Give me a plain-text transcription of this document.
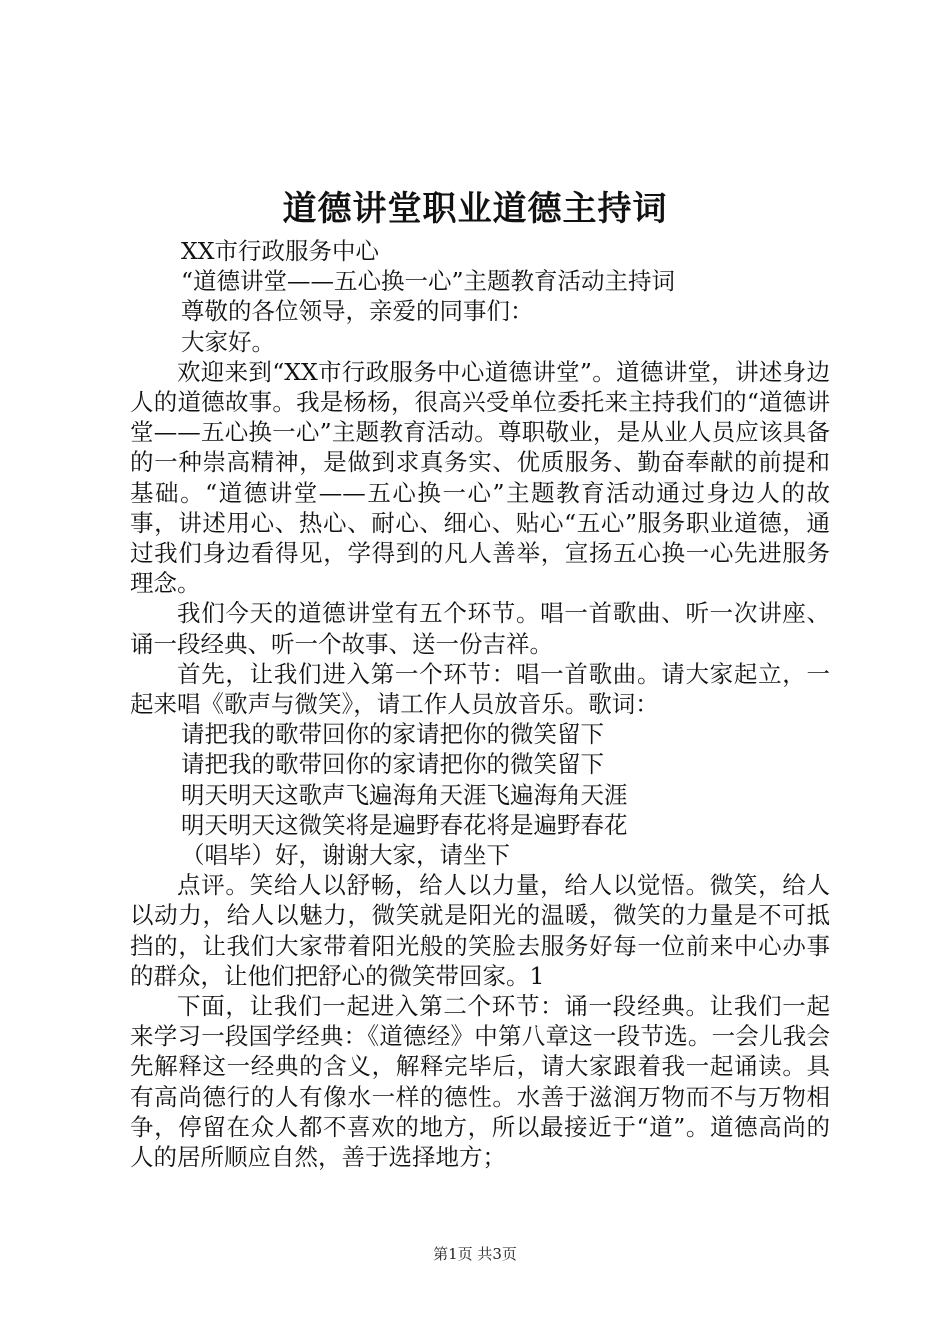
道德讲堂职业道德主持词

XX市行政服务中心

“道德讲堂——五心换一心”主题教育活动主持词

尊敬的各位领导，亲爱的同事们：

大家好。

欢迎来到“XX市行政服务中心道德讲堂”。道德讲堂，讲述身边人的道德故事。我是杨杨，很高兴受单位委托来主持我们的“道德讲堂——五心换一心”主题教育活动。尊职敬业，是从业人员应该具备的一种崇高精神，是做到求真务实、优质服务、勤奋奉献的前提和基础。“道德讲堂——五心换一心”主题教育活动通过身边人的故事，讲述用心、热心、耐心、细心、贴心“五心”服务职业道德，通过我们身边看得见，学得到的凡人善举，宣扬五心换一心先进服务理念。

我们今天的道德讲堂有五个环节。唱一首歌曲、听一次讲座、诵一段经典、听一个故事、送一份吉祥。

首先，让我们进入第一个环节：唱一首歌曲。请大家起立，一起来唱《歌声与微笑》，请工作人员放音乐。歌词：

请把我的歌带回你的家请把你的微笑留下

请把我的歌带回你的家请把你的微笑留下

明天明天这歌声飞遍海角天涯飞遍海角天涯

明天明天这微笑将是遍野春花将是遍野春花

（唱毕）好，谢谢大家，请坐下

点评。笑给人以舒畅，给人以力量，给人以觉悟。微笑，给人以动力，给人以魅力，微笑就是阳光的温暖，微笑的力量是不可抵挡的，让我们大家带着阳光般的笑脸去服务好每一位前来中心办事的群众，让他们把舒心的微笑带回家。1

下面，让我们一起进入第二个环节：诵一段经典。让我们一起来学习一段国学经典：《道德经》中第八章这一段节选。一会儿我会先解释这一经典的含义，解释完毕后，请大家跟着我一起诵读。具有高尚德行的人有像水一样的德性。水善于滋润万物而不与万物相争，停留在众人都不喜欢的地方，所以最接近于“道”。道德高尚的人的居所顺应自然，善于选择地方；

第1页 共3页
